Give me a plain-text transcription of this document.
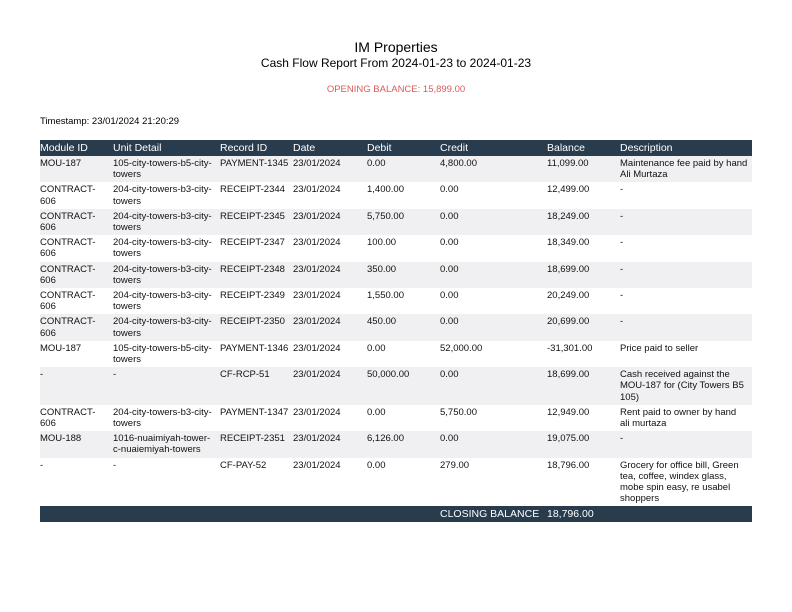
IM Properties
Cash Flow Report From 2024-01-23 to 2024-01-23
OPENING BALANCE: 15,899.00
Timestamp: 23/01/2024 21:20:29
Module ID	Unit Detail	Record ID	Date	Debit	Credit	Balance	Description
MOU-187	105-city-towers-b5-city-towers	PAYMENT-1345	23/01/2024	0.00	4,800.00	11,099.00	Maintenance fee paid by hand Ali Murtaza
CONTRACT-606	204-city-towers-b3-city-towers	RECEIPT-2344	23/01/2024	1,400.00	0.00	12,499.00	-
CONTRACT-606	204-city-towers-b3-city-towers	RECEIPT-2345	23/01/2024	5,750.00	0.00	18,249.00	-
CONTRACT-606	204-city-towers-b3-city-towers	RECEIPT-2347	23/01/2024	100.00	0.00	18,349.00	-
CONTRACT-606	204-city-towers-b3-city-towers	RECEIPT-2348	23/01/2024	350.00	0.00	18,699.00	-
CONTRACT-606	204-city-towers-b3-city-towers	RECEIPT-2349	23/01/2024	1,550.00	0.00	20,249.00	-
CONTRACT-606	204-city-towers-b3-city-towers	RECEIPT-2350	23/01/2024	450.00	0.00	20,699.00	-
MOU-187	105-city-towers-b5-city-towers	PAYMENT-1346	23/01/2024	0.00	52,000.00	-31,301.00	Price paid to seller
-	-	CF-RCP-51	23/01/2024	50,000.00	0.00	18,699.00	Cash received against the MOU-187 for (City Towers B5 105)
CONTRACT-606	204-city-towers-b3-city-towers	PAYMENT-1347	23/01/2024	0.00	5,750.00	12,949.00	Rent paid to owner by hand ali murtaza
MOU-188	1016-nuaimiyah-tower-c-nuaiemiyah-towers	RECEIPT-2351	23/01/2024	6,126.00	0.00	19,075.00	-
-	-	CF-PAY-52	23/01/2024	0.00	279.00	18,796.00	Grocery for office bill, Green tea, coffee, windex glass, mobe spin easy, re usabel shoppers
					CLOSING BALANCE	18,796.00	
